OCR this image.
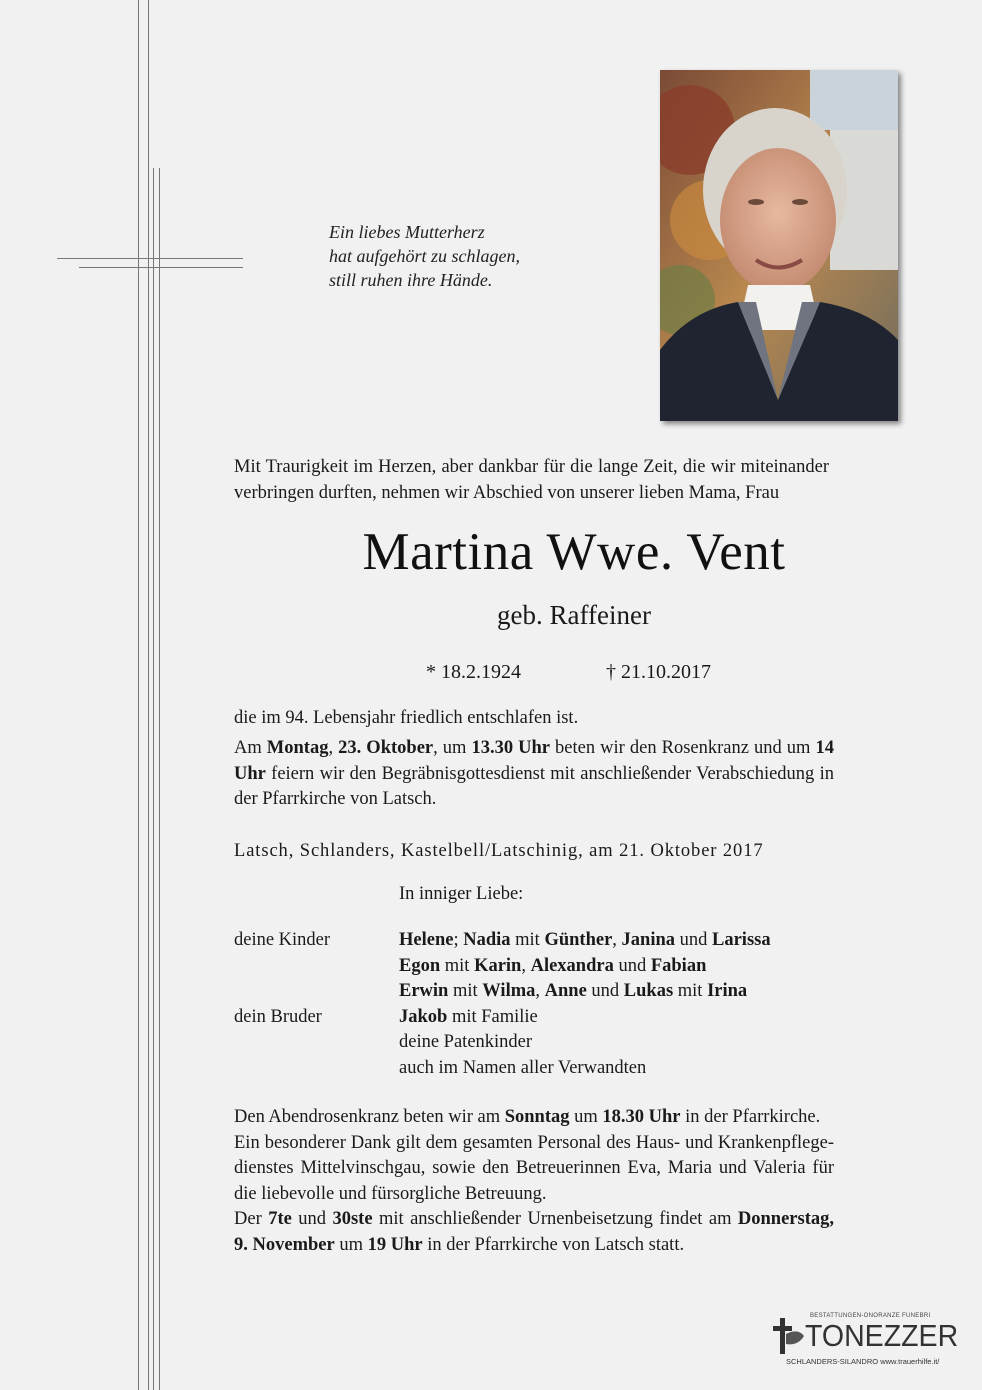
Ein liebes Mutterherz
hat aufgehört zu schlagen,
still ruhen ihre Hände.
Mit Traurigkeit im Herzen, aber dankbar für die lange Zeit, die wir miteinander verbringen durften, nehmen wir Abschied von unserer lieben Mama, Frau
Martina Wwe. Vent
geb. Raffeiner
* 18.2.1924	† 21.10.2017
die im 94. Lebensjahr friedlich entschlafen ist.
Am Montag, 23. Oktober, um 13.30 Uhr beten wir den Rosenkranz und um 14 Uhr feiern wir den Begräbnisgottesdienst mit anschließender Verabschiedung in der Pfarrkirche von Latsch.
Latsch, Schlanders, Kastelbell/Latschinig, am 21. Oktober 2017
In inniger Liebe:
deine Kinder	Helene; Nadia mit Günther, Janina und Larissa
Egon mit Karin, Alexandra und Fabian
Erwin mit Wilma, Anne und Lukas mit Irina
dein Bruder	Jakob mit Familie
deine Patenkinder
auch im Namen aller Verwandten
Den Abendrosenkranz beten wir am Sonntag um 18.30 Uhr in der Pfarrkirche.
Ein besonderer Dank gilt dem gesamten Personal des Haus- und Krankenpflegedienstes Mittelvinschgau, sowie den Betreuerinnen Eva, Maria und Valeria für die liebevolle und fürsorgliche Betreuung.
Der 7te und 30ste mit anschließender Urnenbeisetzung findet am Donnerstag, 9. November um 19 Uhr in der Pfarrkirche von Latsch statt.
BESTATTUNGEN-ONORANZE FUNEBRI
TONEZZER
SCHLANDERS-SILANDRO www.trauerhilfe.it/
